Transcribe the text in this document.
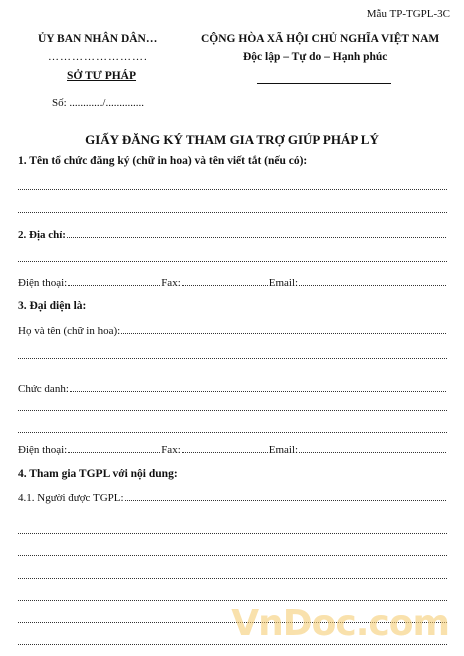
Mẫu TP-TGPL-3C
ỦY BAN NHÂN DÂN…
…………………….
SỞ TƯ PHÁP
Số: ............/..............
CỘNG HÒA XÃ HỘI CHỦ NGHĨA VIỆT NAM
Độc lập – Tự do – Hạnh phúc
GIẤY ĐĂNG KÝ THAM GIA TRỢ GIÚP PHÁP LÝ
1. Tên tổ chức đăng ký (chữ in hoa) và tên viết tắt (nếu có):
2. Địa chỉ:
Điện thoại:	Fax:	Email:
3. Đại diện là:
Họ và tên (chữ in hoa):
Chức danh:
Điện thoại:	Fax:	Email:
4. Tham gia TGPL với nội dung:
4.1. Người được TGPL:
VnDoc.com
